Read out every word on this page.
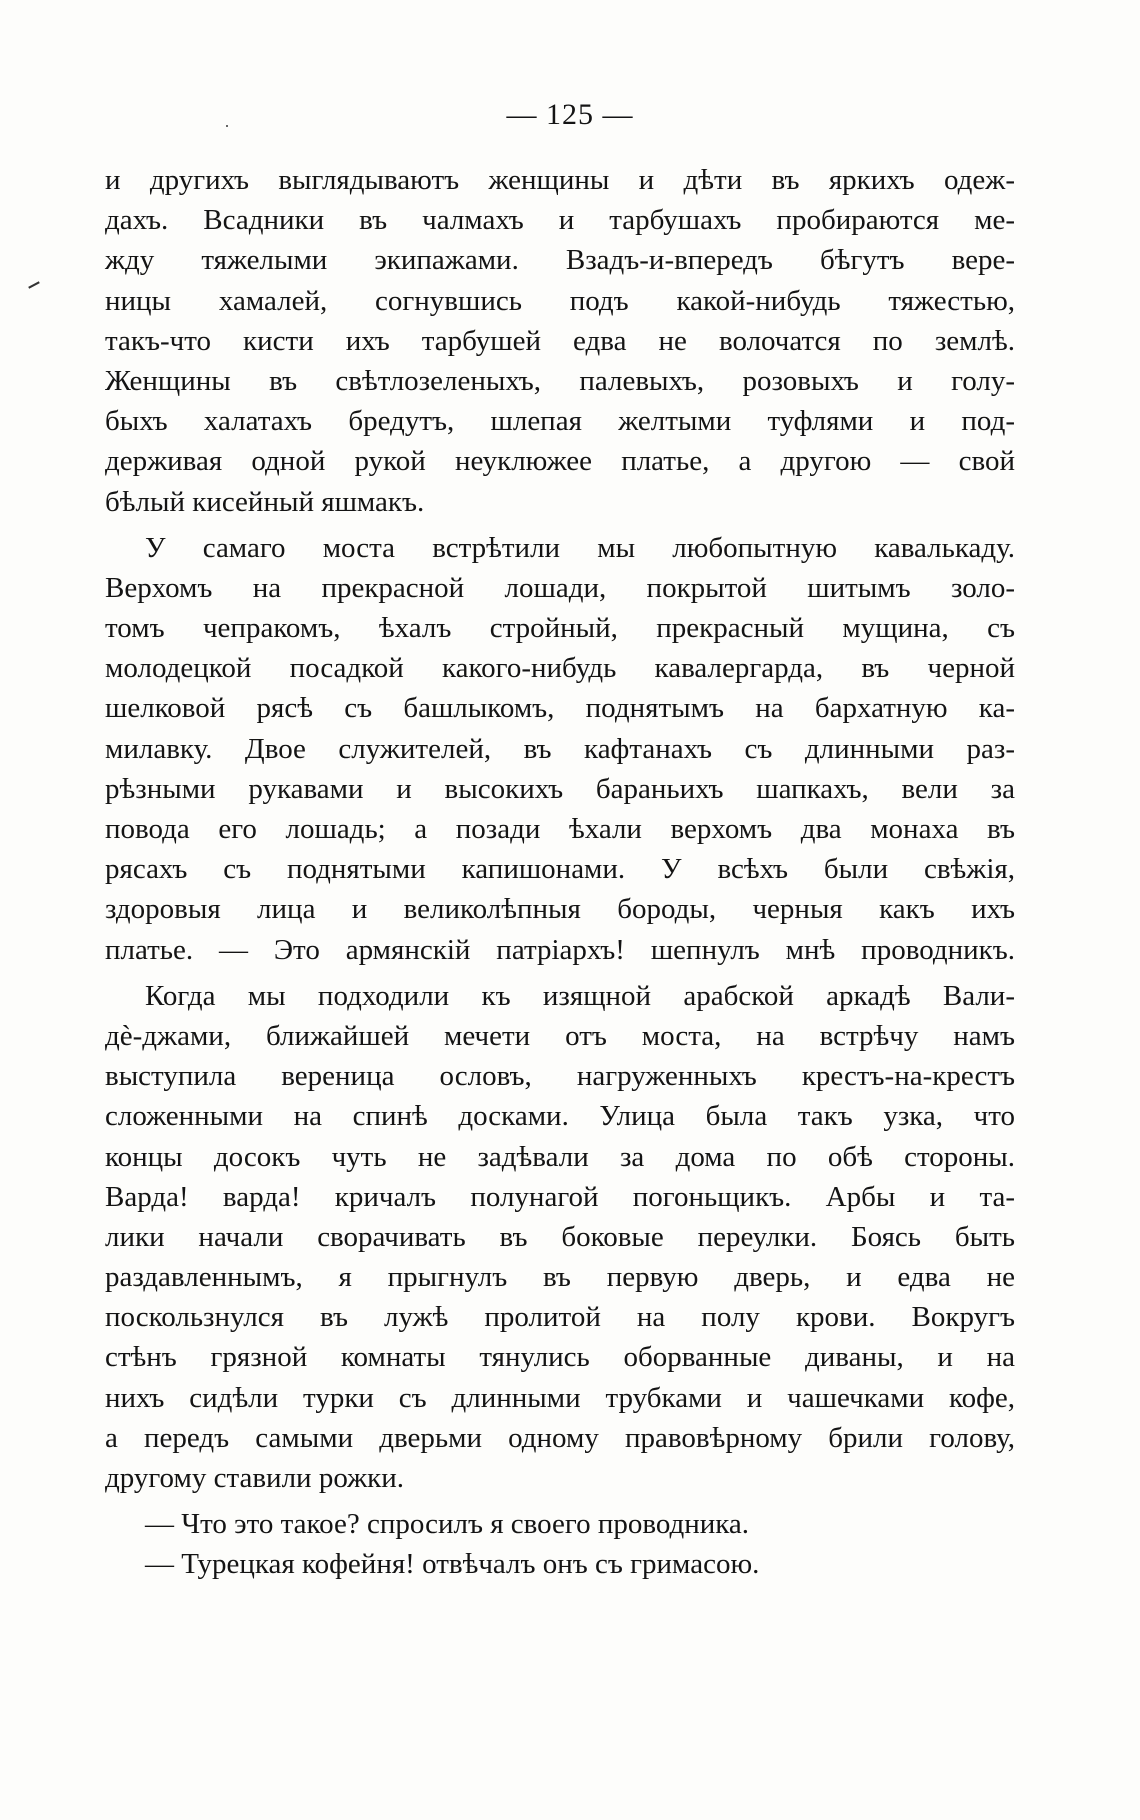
— 125 —
и другихъ выглядываютъ женщины и дѣти въ яркихъ одеж-
дахъ. Всадники въ чалмахъ и тарбушахъ пробираются ме-
жду тяжелыми экипажами. Взадъ-и-впередъ бѣгутъ вере-
ницы хамалей, согнувшись подъ какой-нибудь тяжестью,
такъ-что кисти ихъ тарбушей едва не волочатся по землѣ.
Женщины въ свѣтлозеленыхъ, палевыхъ, розовыхъ и голу-
быхъ халатахъ бредутъ, шлепая желтыми туфлями и под-
держивая одной рукой неуклюжее платье, а другою — свой
бѣлый кисейный яшмакъ.
У самаго моста встрѣтили мы любопытную кавалькаду.
Верхомъ на прекрасной лошади, покрытой шитымъ золо-
томъ чепракомъ, ѣхалъ стройный, прекрасный мущина, съ
молодецкой посадкой какого-нибудь кавалергарда, въ черной
шелковой рясѣ съ башлыкомъ, поднятымъ на бархатную ка-
милавку. Двое служителей, въ кафтанахъ съ длинными раз-
рѣзными рукавами и высокихъ бараньихъ шапкахъ, вели за
повода его лошадь; а позади ѣхали верхомъ два монаха въ
рясахъ съ поднятыми капишонами. У всѣхъ были свѣжія,
здоровыя лица и великолѣпныя бороды, черныя какъ ихъ
платье. — Это армянскій патріархъ! шепнулъ мнѣ проводникъ.
Когда мы подходили къ изящной арабской аркадѣ Вали-
дè-джами, ближайшей мечети отъ моста, на встрѣчу намъ
выступила вереница ословъ, нагруженныхъ крестъ-на-крестъ
сложенными на спинѣ досками. Улица была такъ узка, что
концы досокъ чуть не задѣвали за дома по обѣ стороны.
Варда! варда! кричалъ полунагой погоньщикъ. Арбы и та-
лики начали сворачивать въ боковые переулки. Боясь быть
раздавленнымъ, я прыгнулъ въ первую дверь, и едва не
поскользнулся въ лужѣ пролитой на полу крови. Вокругъ
стѣнъ грязной комнаты тянулись оборванные диваны, и на
нихъ сидѣли турки съ длинными трубками и чашечками кофе,
а передъ самыми дверьми одному правовѣрному брили голову,
другому ставили рожки.
— Что это такое? спросилъ я своего проводника.
— Турецкая кофейня! отвѣчалъ онъ съ гримасою.
